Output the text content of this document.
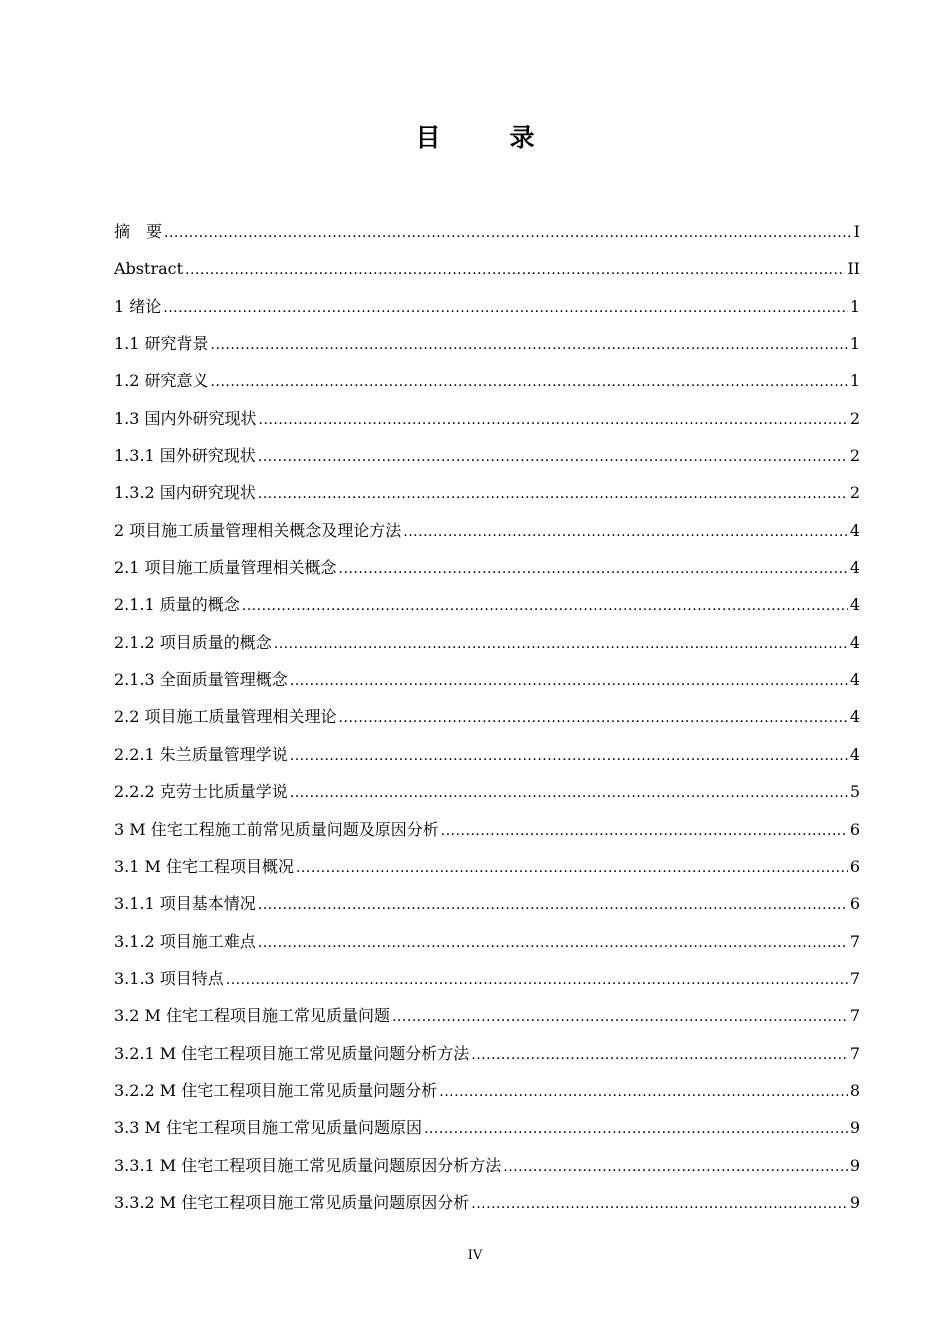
目　录
摘　要 .....	I
Abstract .....	II
1 绪论 .....	1
1.1 研究背景 .....	1
1.2 研究意义 .....	1
1.3 国内外研究现状 .....	2
1.3.1 国外研究现状 .....	2
1.3.2 国内研究现状 .....	2
2 项目施工质量管理相关概念及理论方法 .....	4
2.1 项目施工质量管理相关概念 .....	4
2.1.1 质量的概念 .....	4
2.1.2 项目质量的概念 .....	4
2.1.3 全面质量管理概念 .....	4
2.2 项目施工质量管理相关理论 .....	4
2.2.1 朱兰质量管理学说 .....	4
2.2.2 克劳士比质量学说 .....	5
3 M 住宅工程施工前常见质量问题及原因分析 .....	6
3.1 M 住宅工程项目概况 .....	6
3.1.1 项目基本情况 .....	6
3.1.2 项目施工难点 .....	7
3.1.3 项目特点 .....	7
3.2 M 住宅工程项目施工常见质量问题 .....	7
3.2.1 M 住宅工程项目施工常见质量问题分析方法 .....	7
3.2.2 M 住宅工程项目施工常见质量问题分析 .....	8
3.3 M 住宅工程项目施工常见质量问题原因 .....	9
3.3.1 M 住宅工程项目施工常见质量问题原因分析方法 .....	9
3.3.2 M 住宅工程项目施工常见质量问题原因分析 .....	9
IV
